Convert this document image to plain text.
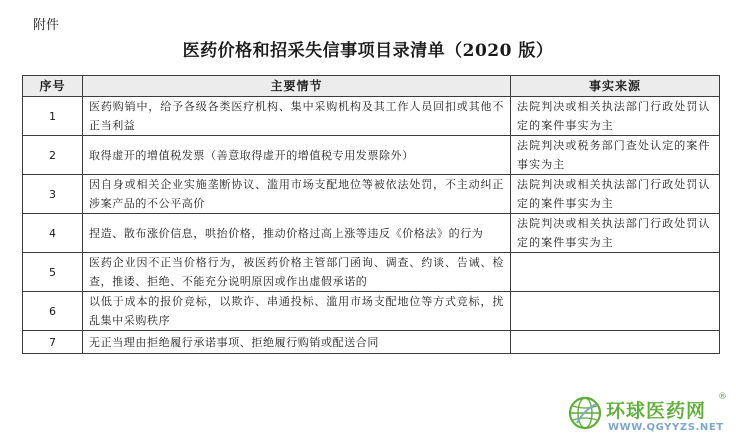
附件
医药价格和招采失信事项目录清单（2020 版）
序号	主要情节	事实来源
1	医药购销中，给予各级各类医疗机构、集中采购机构及其工作人员回扣或其他不正当利益	法院判决或相关执法部门行政处罚认定的案件事实为主
2	取得虚开的增值税发票（善意取得虚开的增值税专用发票除外）	法院判决或税务部门查处认定的案件事实为主
3	因自身或相关企业实施垄断协议、滥用市场支配地位等被依法处罚，不主动纠正涉案产品的不公平高价	法院判决或相关执法部门行政处罚认定的案件事实为主
4	捏造、散布涨价信息，哄抬价格，推动价格过高上涨等违反《价格法》的行为	法院判决或相关执法部门行政处罚认定的案件事实为主
5	医药企业因不正当价格行为，被医药价格主管部门函询、调查、约谈、告诫、检查，推诿、拒绝、不能充分说明原因或作出虚假承诺的	
6	以低于成本的报价竞标，以欺诈、串通投标、滥用市场支配地位等方式竞标，扰乱集中采购秩序	
7	无正当理由拒绝履行承诺事项、拒绝履行购销或配送合同	
环球医药网
®
WWW.QGYYZS.NET
